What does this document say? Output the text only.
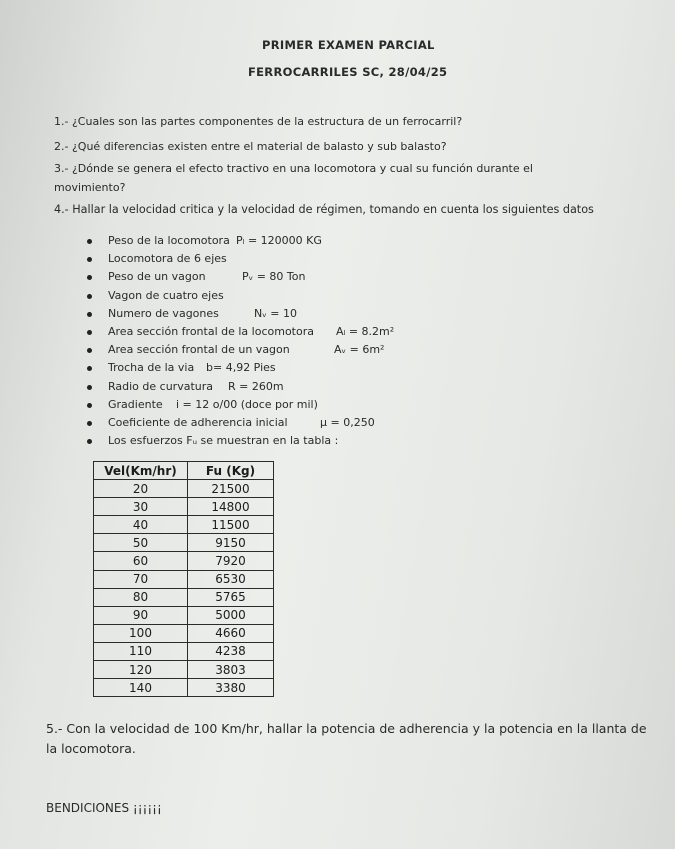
PRIMER EXAMEN PARCIAL
FERROCARRILES SC, 28/04/25
1.- ¿Cuales son las partes componentes de la estructura de un ferrocarril?
2.- ¿Qué diferencias existen entre el material de balasto y sub balasto?
3.- ¿Dónde se genera el efecto tractivo en una locomotora y cual su función durante el
movimiento?
4.- Hallar la velocidad critica y la velocidad de régimen, tomando en cuenta los siguientes datos
Peso de la locomotora Pₗ = 120000 KG
Locomotora de 6 ejes
Peso de un vagon	Pᵥ = 80 Ton
Vagon de cuatro ejes
Numero de vagones	Nᵥ = 10
Area sección frontal de la locomotora Aₗ = 8.2m²
Area sección frontal de un vagon	Aᵥ = 6m²
Trocha de la via b= 4,92 Pies
Radio de curvatura R = 260m
Gradiente i = 12 o/00 (doce por mil)
Coeficiente de adherencia inicial	μ = 0,250
Los esfuerzos Fᵤ se muestran en la tabla :
Vel(Km/hr)	Fu (Kg)
20	21500
30	14800
40	11500
50	9150
60	7920
70	6530
80	5765
90	5000
100	4660
110	4238
120	3803
140	3380
5.- Con la velocidad de 100 Km/hr, hallar la potencia de adherencia y la potencia en la llanta de
la locomotora.
BENDICIONES ¡¡¡¡¡¡
